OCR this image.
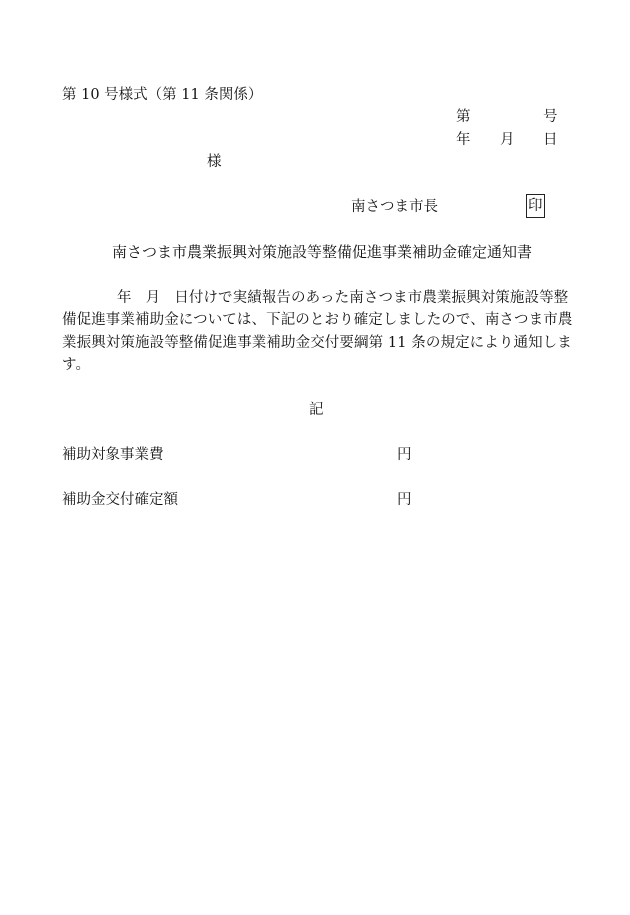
第 10 号様式（第 11 条関係）
第	号
年 月 日
様
南さつま市長	印
南さつま市農業振興対策施設等整備促進事業補助金確定通知書
年 月 日付けで実績報告のあった南さつま市農業振興対策施設等整備促進事業補助金については、下記のとおり確定しましたので、南さつま市農業振興対策施設等整備促進事業補助金交付要綱第 11 条の規定により通知します。
記
補助対象事業費	円
補助金交付確定額	円
